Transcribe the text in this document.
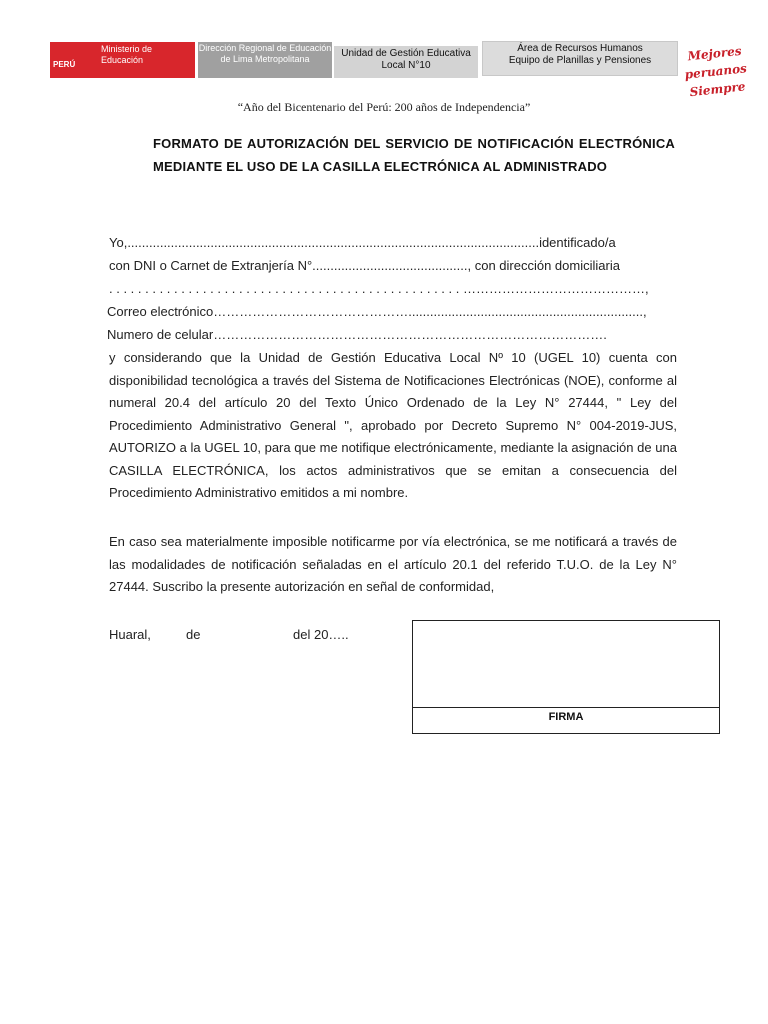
PERÚ
Ministerio de Educación
Dirección Regional de Educación de Lima Metropolitana	Unidad de Gestión Educativa Local N°10
Área de Recursos Humanos
Equipo de Planillas y Pensiones	Mejores
peruanos
Siempre
“Año del Bicentenario del Perú: 200 años de Independencia”
FORMATO DE AUTORIZACIÓN DEL SERVICIO DE NOTIFICACIÓN ELECTRÓNICA MEDIANTE EL USO DE LA CASILLA ELECTRÓNICA AL ADMINISTRADO
Yo,..................................................................................................................identificado/a
con DNI o Carnet de Extranjería N°..........................................., con dirección domiciliaria
. . . . . . . . . . . . . . . . . . . . . . . . . . . . . . . . . . . . . . . . . . . . . . . . . ……………………………………,
Correo electrónico……………………………………….................................................................,
Numero de celular……………………………………………………………………………….
y considerando que la Unidad de Gestión Educativa Local Nº 10 (UGEL 10) cuenta con disponibilidad tecnológica a través del Sistema de Notificaciones Electrónicas (NOE), conforme al numeral 20.4 del artículo 20 del Texto Único Ordenado de la Ley N° 27444, " Ley del Procedimiento Administrativo General ", aprobado por Decreto Supremo N° 004-2019-JUS, AUTORIZO a la UGEL 10, para que me notifique electrónicamente, mediante la asignación de una CASILLA ELECTRÓNICA, los actos administrativos que se emitan a consecuencia del Procedimiento Administrativo emitidos a mi nombre.
En caso sea materialmente imposible notificarme por vía electrónica, se me notificará a través de las modalidades de notificación señaladas en el artículo 20.1 del referido T.U.O. de la Ley N° 27444. Suscribo la presente autorización en señal de conformidad,
Huaral,	de	del 20…..
FIRMA
